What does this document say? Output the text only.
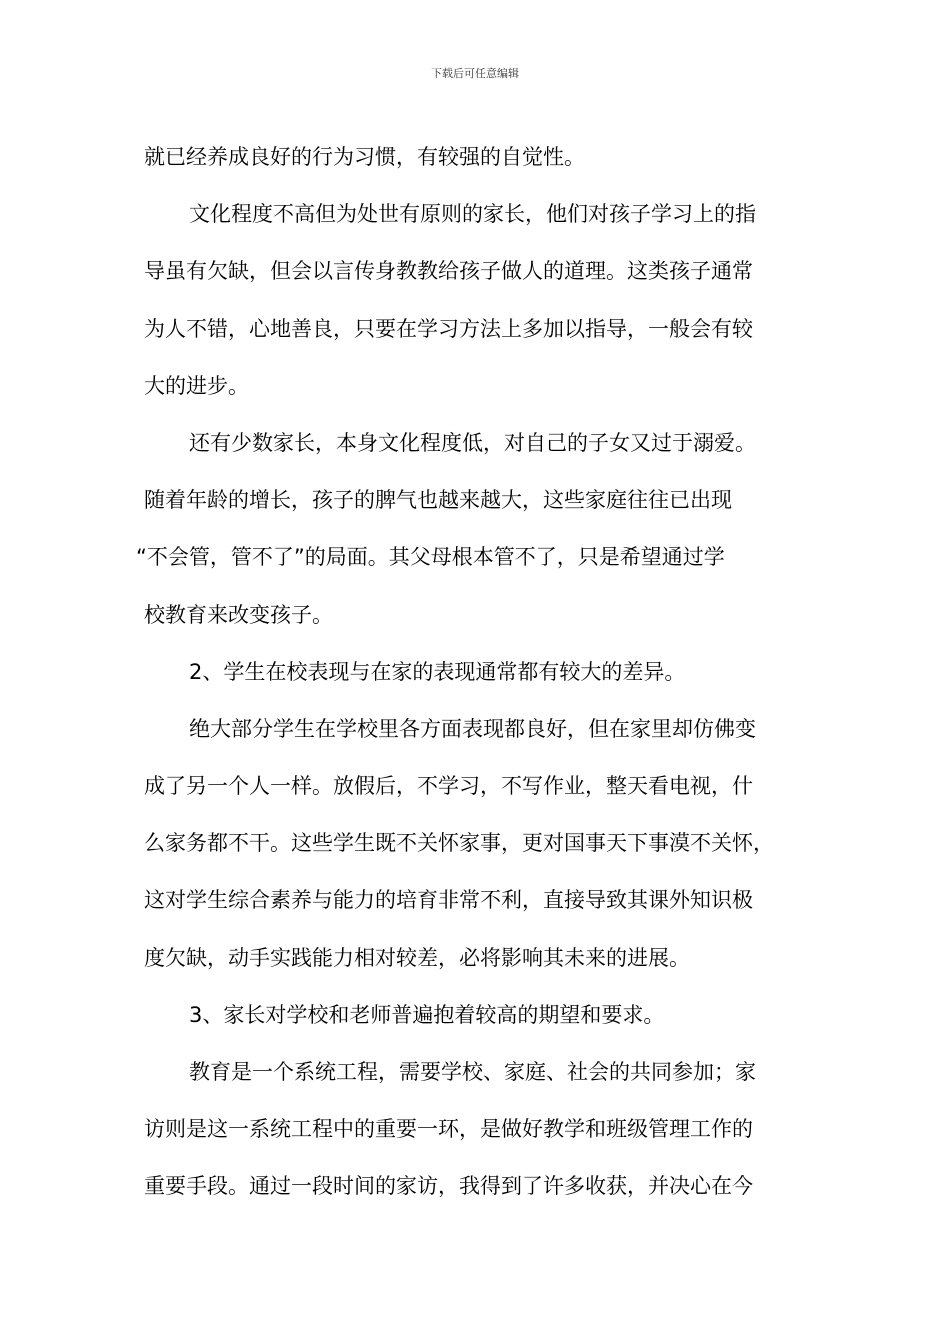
下载后可任意编辑
就已经养成良好的行为习惯，有较强的自觉性。
文化程度不高但为处世有原则的家长，他们对孩子学习上的指
导虽有欠缺，但会以言传身教教给孩子做人的道理。这类孩子通常
为人不错，心地善良，只要在学习方法上多加以指导，一般会有较
大的进步。
还有少数家长，本身文化程度低，对自己的子女又过于溺爱。
随着年龄的增长，孩子的脾气也越来越大，这些家庭往往已出现
“不会管，管不了”的局面。其父母根本管不了，只是希望通过学
校教育来改变孩子。
2、学生在校表现与在家的表现通常都有较大的差异。
绝大部分学生在学校里各方面表现都良好，但在家里却仿佛变
成了另一个人一样。放假后，不学习，不写作业，整天看电视，什
么家务都不干。这些学生既不关怀家事，更对国事天下事漠不关怀，
这对学生综合素养与能力的培育非常不利，直接导致其课外知识极
度欠缺，动手实践能力相对较差，必将影响其未来的进展。
3、家长对学校和老师普遍抱着较高的期望和要求。
教育是一个系统工程，需要学校、家庭、社会的共同参加；家
访则是这一系统工程中的重要一环，是做好教学和班级管理工作的
重要手段。通过一段时间的家访，我得到了许多收获，并决心在今
